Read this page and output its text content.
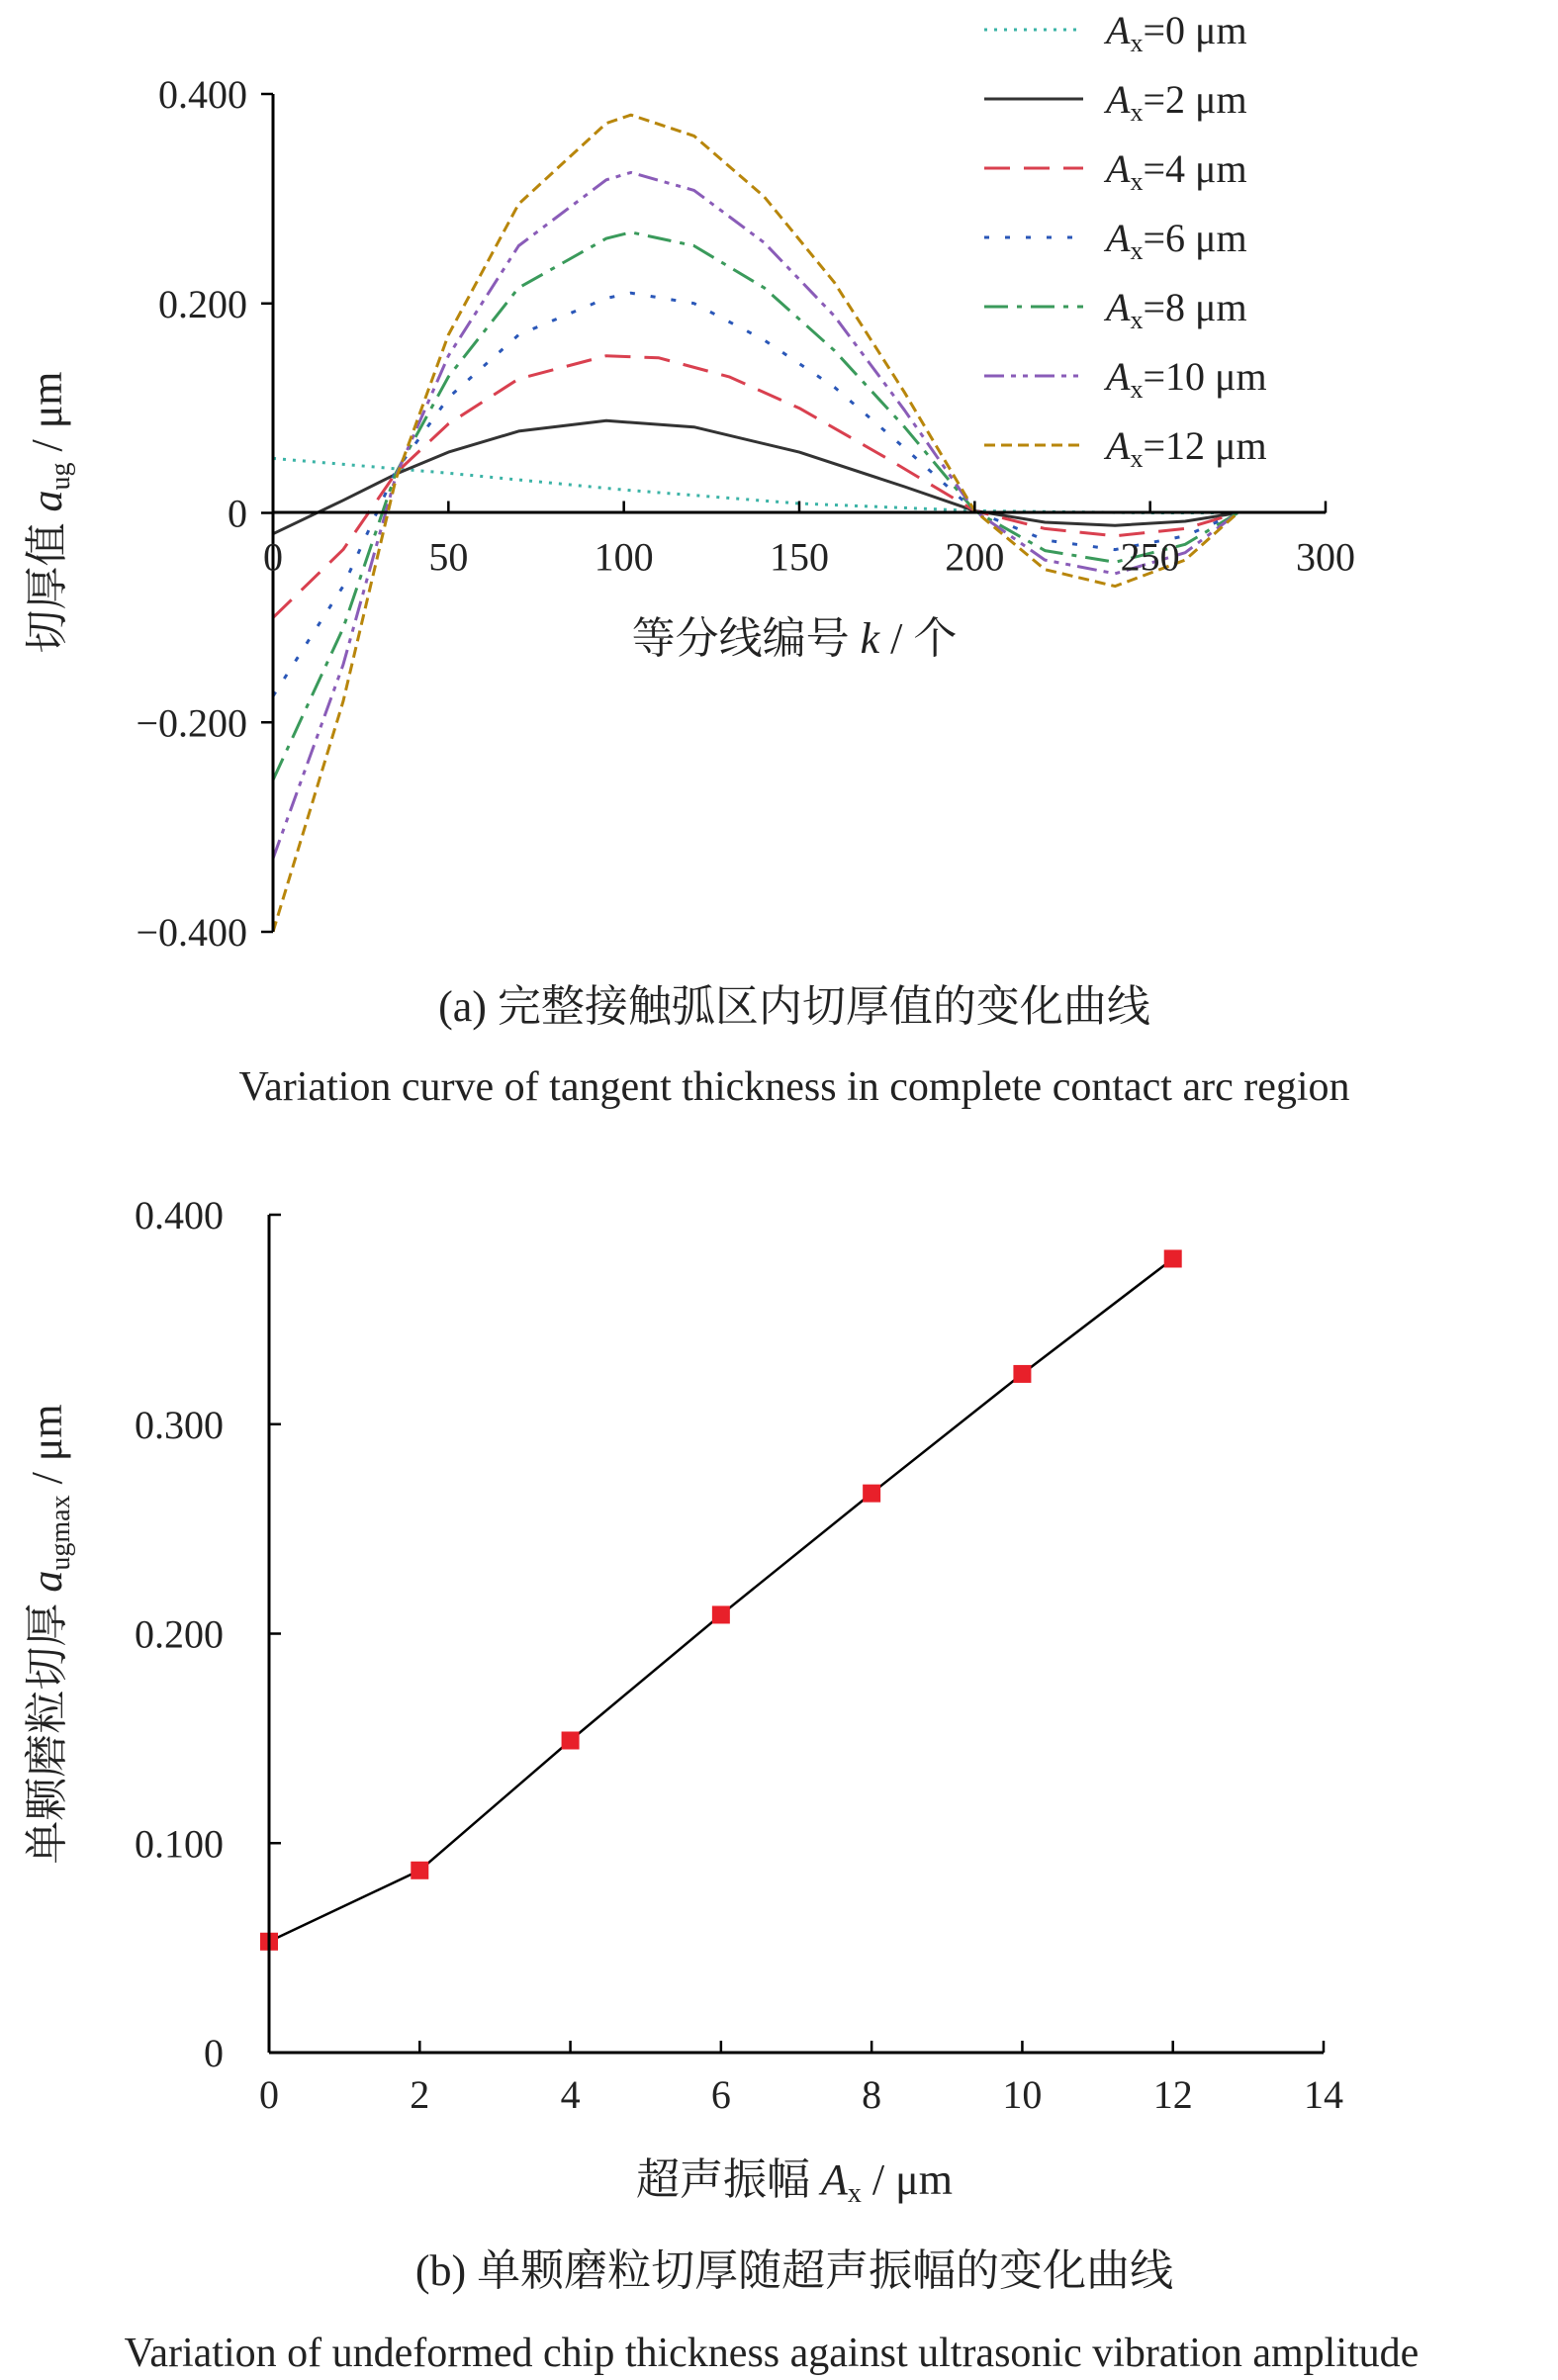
0	50	100	150	200	250	300
−0.400
−0.200
0
0.200
0.400
$A_x=0$ μm
$A_x=2$ μm
$A_x=4$ μm
$A_x=6$ μm
$A_x=8$ μm
$A_x=10$ μm
$A_x=12$ μm
等分线编号 k / 个
切厚值 aug / μm
(a) 完整接触弧区内切厚值的变化曲线
Variation curve of tangent thickness in complete contact arc region
0	2	4	6	8	10	12	14
0
0.100
0.200
0.300
0.400
超声振幅 Ax / μm
单颗磨粒切厚 augmax / μm
(b) 单颗磨粒切厚随超声振幅的变化曲线
Variation of undeformed chip thickness against ultrasonic vibration amplitude
